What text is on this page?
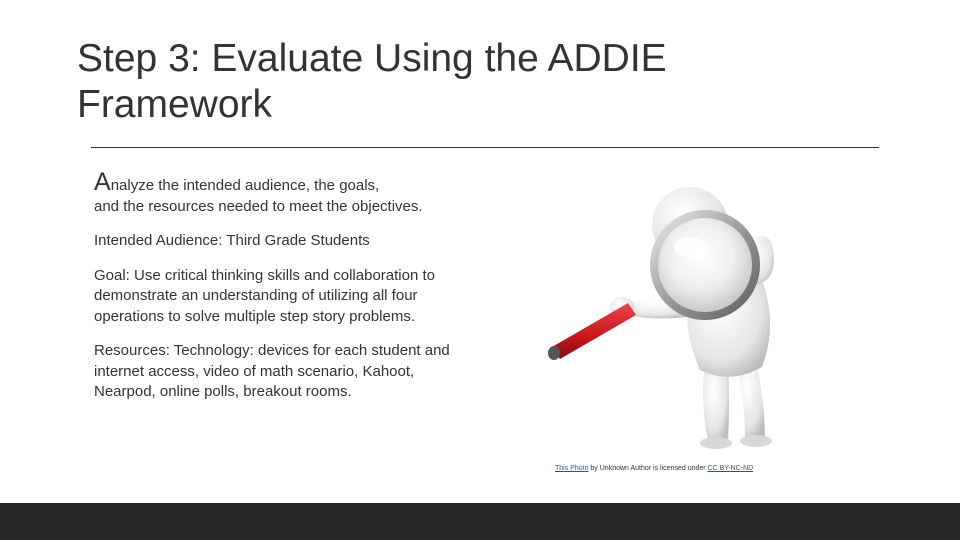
Step 3: Evaluate Using the ADDIE Framework

Analyze the intended audience, the goals,
and the resources needed to meet the objectives.

Intended Audience: Third Grade Students

Goal: Use critical thinking skills and collaboration to demonstrate an understanding of utilizing all four operations to solve multiple step story problems.

Resources: Technology: devices for each student and internet access, video of math scenario, Kahoot, Nearpod, online polls, breakout rooms.

This Photo by Unknown Author is licensed under CC BY-NC-ND
